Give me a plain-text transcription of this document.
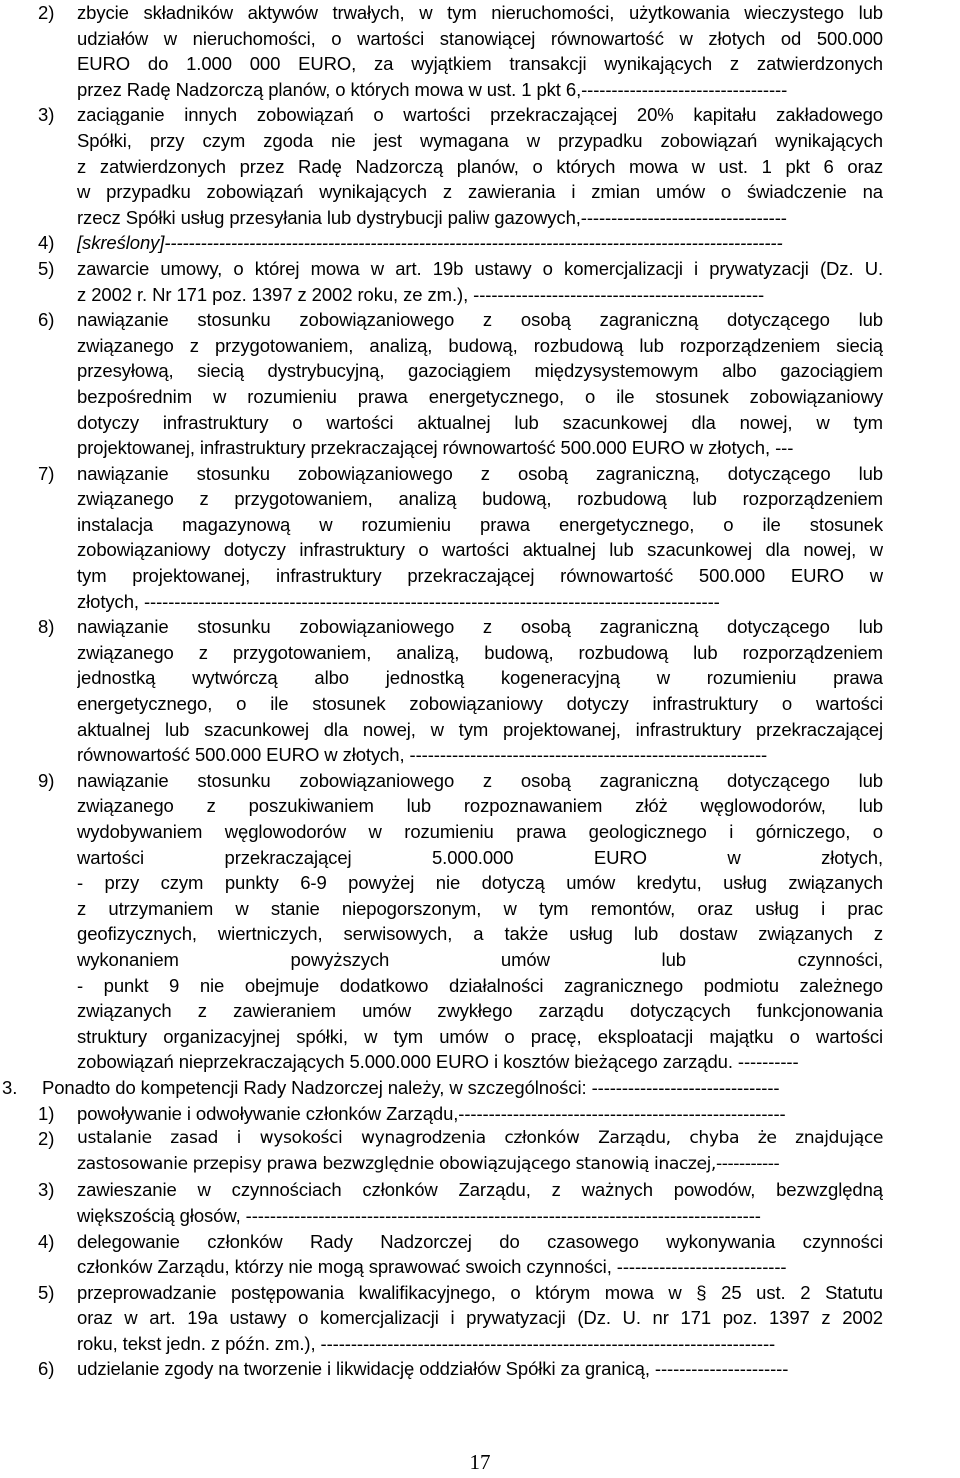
2) zbycie składników aktywów trwałych, w tym nieruchomości, użytkowania wieczystego lub
udziałów w nieruchomości, o wartości stanowiącej równowartość w złotych od 500.000
EURO do 1.000 000 EURO, za wyjątkiem transakcji wynikających z zatwierdzonych
przez Radę Nadzorczą planów, o których mowa w ust. 1 pkt 6,----------------------------------
3) zaciąganie innych zobowiązań o wartości przekraczającej 20% kapitału zakładowego
Spółki, przy czym zgoda nie jest wymagana w przypadku zobowiązań wynikających
z zatwierdzonych przez Radę Nadzorczą planów, o których mowa w ust. 1 pkt 6 oraz
w przypadku zobowiązań wynikających z zawierania i zmian umów o świadczenie na
rzecz Spółki usług przesyłania lub dystrybucji paliw gazowych,----------------------------------
4) [skreślony]------------------------------------------------------------------------------------------------------
5) zawarcie umowy, o której mowa w art. 19b ustawy o komercjalizacji i prywatyzacji (Dz. U.
z 2002 r. Nr 171 poz. 1397 z 2002 roku, ze zm.), ------------------------------------------------
6) nawiązanie stosunku zobowiązaniowego z osobą zagraniczną dotyczącego lub
związanego z przygotowaniem, analizą, budową, rozbudową lub rozporządzeniem siecią
przesyłową, siecią dystrybucyjną, gazociągiem międzysystemowym albo gazociągiem
bezpośrednim w rozumieniu prawa energetycznego, o ile stosunek zobowiązaniowy
dotyczy infrastruktury o wartości aktualnej lub szacunkowej dla nowej, w tym
projektowanej, infrastruktury przekraczającej równowartość 500.000 EURO w złotych, ---
7) nawiązanie stosunku zobowiązaniowego z osobą zagraniczną, dotyczącego lub
związanego z przygotowaniem, analizą budową, rozbudową lub rozporządzeniem
instalacja magazynową w rozumieniu prawa energetycznego, o ile stosunek
zobowiązaniowy dotyczy infrastruktury o wartości aktualnej lub szacunkowej dla nowej, w
tym projektowanej, infrastruktury przekraczającej równowartość 500.000 EURO w
złotych, -----------------------------------------------------------------------------------------------
8) nawiązanie stosunku zobowiązaniowego z osobą zagraniczną dotyczącego lub
związanego z przygotowaniem, analizą, budową, rozbudową lub rozporządzeniem
jednostką wytwórczą albo jednostką kogeneracyjną w rozumieniu prawa
energetycznego, o ile stosunek zobowiązaniowy dotyczy infrastruktury o wartości
aktualnej lub szacunkowej dla nowej, w tym projektowanej, infrastruktury przekraczającej
równowartość 500.000 EURO w złotych, -----------------------------------------------------------
9) nawiązanie stosunku zobowiązaniowego z osobą zagraniczną dotyczącego lub
związanego z poszukiwaniem lub rozpoznawaniem złóż węglowodorów, lub
wydobywaniem węglowodorów w rozumieniu prawa geologicznego i górniczego, o
wartości przekraczającej 5.000.000 EURO w złotych,
- przy czym punkty 6-9 powyżej nie dotyczą umów kredytu, usług związanych
z utrzymaniem w stanie niepogorszonym, w tym remontów, oraz usług i prac
geofizycznych, wiertniczych, serwisowych, a także usług lub dostaw związanych z
wykonaniem powyższych umów lub czynności,
- punkt 9 nie obejmuje dodatkowo działalności zagranicznego podmiotu zależnego
związanych z zawieraniem umów zwykłego zarządu dotyczących funkcjonowania
struktury organizacyjnej spółki, w tym umów o pracę, eksploatacji majątku o wartości
zobowiązań nieprzekraczających 5.000.000 EURO i kosztów bieżącego zarządu. ----------
3. Ponadto do kompetencji Rady Nadzorczej należy, w szczególności: -------------------------------
1) powoływanie i odwoływanie członków Zarządu,------------------------------------------------------
2) ustalanie zasad i wysokości wynagrodzenia członków Zarządu, chyba że znajdujące
zastosowanie przepisy prawa bezwzględnie obowiązującego stanowią inaczej,-----------
3) zawieszanie w czynnościach członków Zarządu, z ważnych powodów, bezwzględną
większością głosów, -------------------------------------------------------------------------------------
4) delegowanie członków Rady Nadzorczej do czasowego wykonywania czynności
członków Zarządu, którzy nie mogą sprawować swoich czynności, ----------------------------
5) przeprowadzanie postępowania kwalifikacyjnego, o którym mowa w § 25 ust. 2 Statutu
oraz w art. 19a ustawy o komercjalizacji i prywatyzacji (Dz. U. nr 171 poz. 1397 z 2002
roku, tekst jedn. z późn. zm.), ---------------------------------------------------------------------------
6) udzielanie zgody na tworzenie i likwidację oddziałów Spółki za granicą, ----------------------
17
